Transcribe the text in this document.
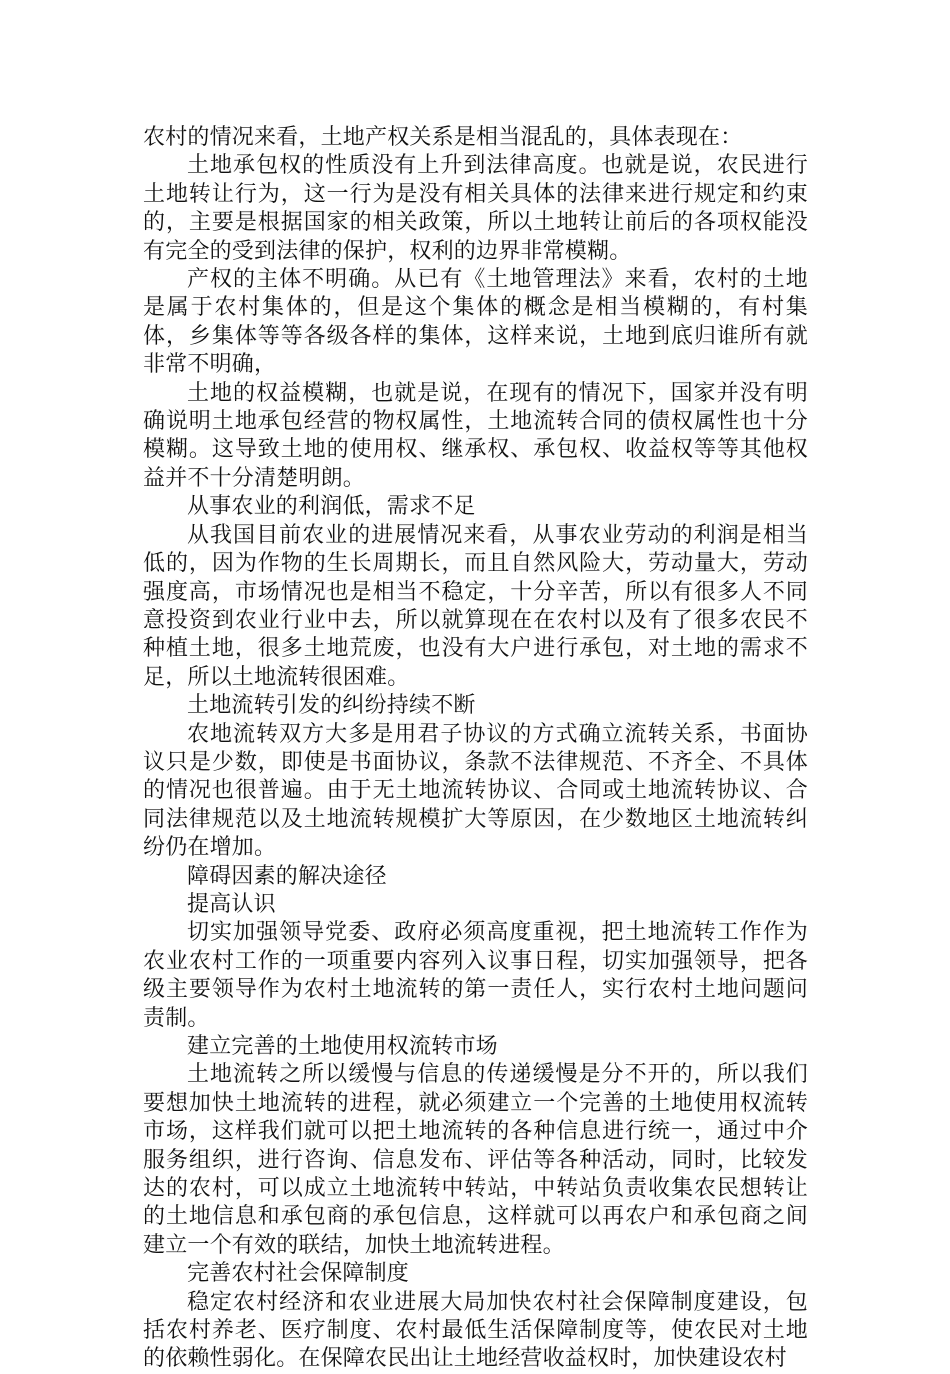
农村的情况来看，土地产权关系是相当混乱的，具体表现在：

土地承包权的性质没有上升到法律高度。也就是说，农民进行土地转让行为，这一行为是没有相关具体的法律来进行规定和约束的，主要是根据国家的相关政策，所以土地转让前后的各项权能没有完全的受到法律的保护，权利的边界非常模糊。

产权的主体不明确。从已有《土地管理法》来看，农村的土地是属于农村集体的，但是这个集体的概念是相当模糊的，有村集体，乡集体等等各级各样的集体，这样来说，土地到底归谁所有就非常不明确，

土地的权益模糊，也就是说，在现有的情况下，国家并没有明确说明土地承包经营的物权属性，土地流转合同的债权属性也十分模糊。这导致土地的使用权、继承权、承包权、收益权等等其他权益并不十分清楚明朗。

从事农业的利润低，需求不足

从我国目前农业的进展情况来看，从事农业劳动的利润是相当低的，因为作物的生长周期长，而且自然风险大，劳动量大，劳动强度高，市场情况也是相当不稳定，十分辛苦，所以有很多人不同意投资到农业行业中去，所以就算现在在农村以及有了很多农民不种植土地，很多土地荒废，也没有大户进行承包，对土地的需求不足，所以土地流转很困难。

土地流转引发的纠纷持续不断

农地流转双方大多是用君子协议的方式确立流转关系，书面协议只是少数，即使是书面协议，条款不法律规范、不齐全、不具体的情况也很普遍。由于无土地流转协议、合同或土地流转协议、合同法律规范以及土地流转规模扩大等原因，在少数地区土地流转纠纷仍在增加。

障碍因素的解决途径

提高认识

切实加强领导党委、政府必须高度重视，把土地流转工作作为农业农村工作的一项重要内容列入议事日程，切实加强领导，把各级主要领导作为农村土地流转的第一责任人，实行农村土地问题问责制。

建立完善的土地使用权流转市场

土地流转之所以缓慢与信息的传递缓慢是分不开的，所以我们要想加快土地流转的进程，就必须建立一个完善的土地使用权流转市场，这样我们就可以把土地流转的各种信息进行统一，通过中介服务组织，进行咨询、信息发布、评估等各种活动，同时，比较发达的农村，可以成立土地流转中转站，中转站负责收集农民想转让的土地信息和承包商的承包信息，这样就可以再农户和承包商之间建立一个有效的联结，加快土地流转进程。

完善农村社会保障制度

稳定农村经济和农业进展大局加快农村社会保障制度建设，包括农村养老、医疗制度、农村最低生活保障制度等，使农民对土地的依赖性弱化。在保障农民出让土地经营收益权时，加快建设农村
